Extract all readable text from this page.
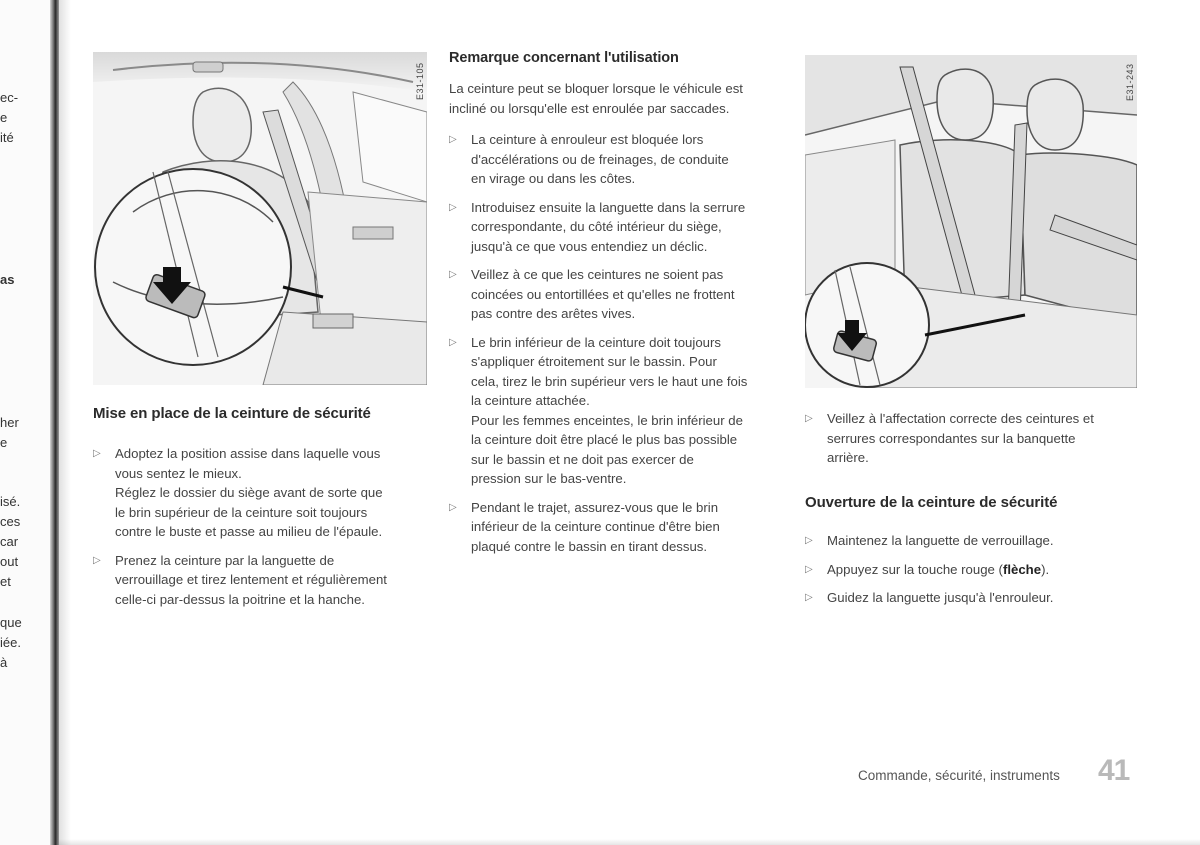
ec-
e
ité
as
her
e
isé.
ces
car
out
et
que
iée.
à
E31-105	E31-243
Mise en place de la ceinture de sécurité
▷ Adoptez la position assise dans laquelle vous
vous sentez le mieux.
Réglez le dossier du siège avant de sorte que
le brin supérieur de la ceinture soit toujours
contre le buste et passe au milieu de l'épaule.
▷ Prenez la ceinture par la languette de
verrouillage et tirez lentement et régulièrement
celle-ci par-dessus la poitrine et la hanche.
Remarque concernant l'utilisation
La ceinture peut se bloquer lorsque le véhicule est
incliné ou lorsqu'elle est enroulée par saccades.
▷ La ceinture à enrouleur est bloquée lors
d'accélérations ou de freinages, de conduite
en virage ou dans les côtes.
▷ Introduisez ensuite la languette dans la serrure
correspondante, du côté intérieur du siège,
jusqu'à ce que vous entendiez un déclic.
▷ Veillez à ce que les ceintures ne soient pas
coincées ou entortillées et qu'elles ne frottent
pas contre des arêtes vives.
▷ Le brin inférieur de la ceinture doit toujours
s'appliquer étroitement sur le bassin. Pour
cela, tirez le brin supérieur vers le haut une fois
la ceinture attachée.
Pour les femmes enceintes, le brin inférieur de
la ceinture doit être placé le plus bas possible
sur le bassin et ne doit pas exercer de
pression sur le bas-ventre.
▷ Pendant le trajet, assurez-vous que le brin
inférieur de la ceinture continue d'être bien
plaqué contre le bassin en tirant dessus.
▷ Veillez à l'affectation correcte des ceintures et
serrures correspondantes sur la banquette
arrière.
Ouverture de la ceinture de sécurité
▷ Maintenez la languette de verrouillage.
▷ Appuyez sur la touche rouge (flèche).
▷ Guidez la languette jusqu'à l'enrouleur.
Commande, sécurité, instruments 41
